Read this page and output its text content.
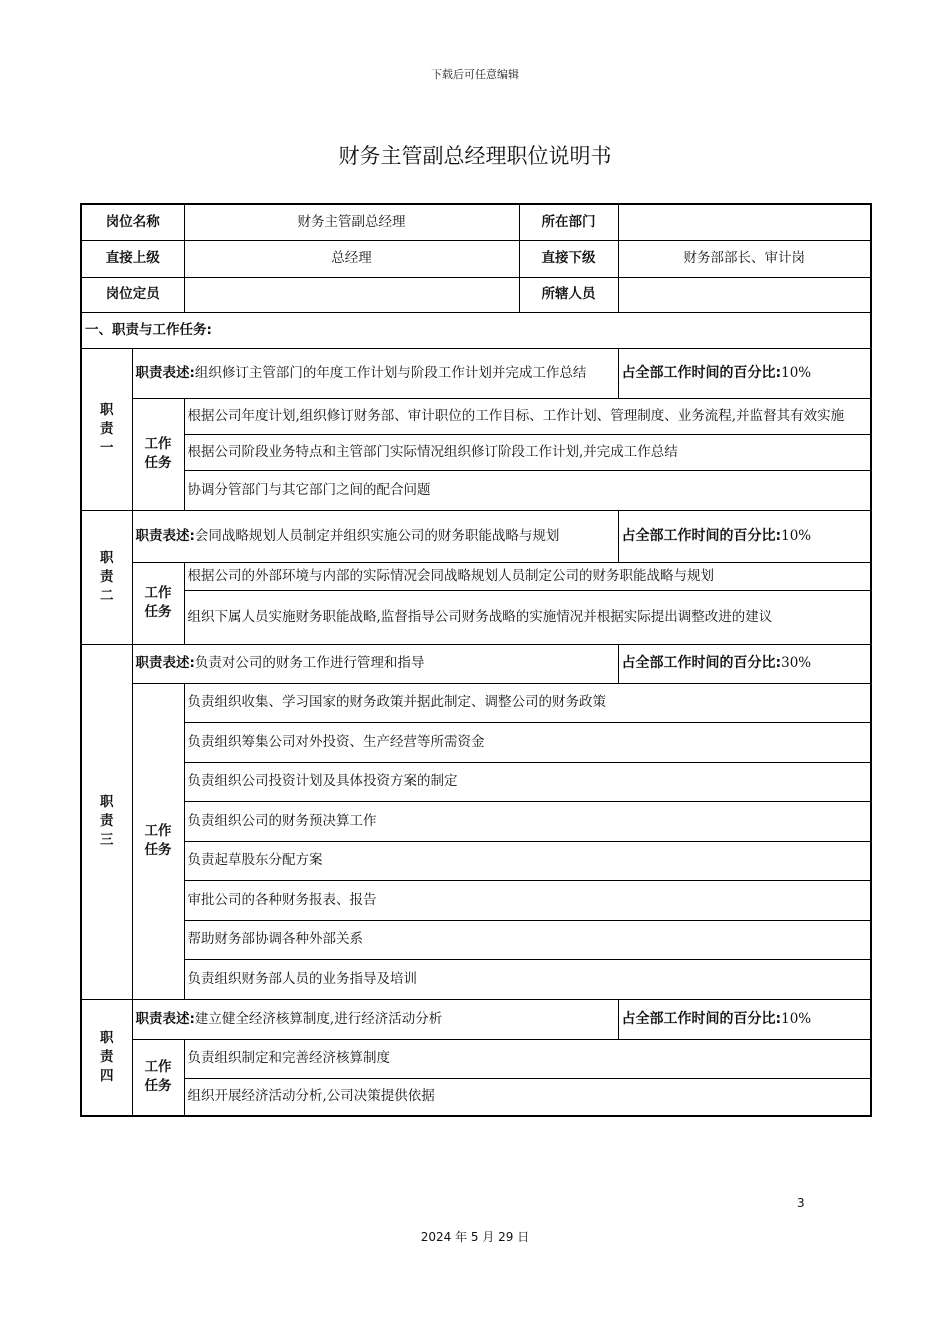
下载后可任意编辑
财务主管副总经理职位说明书
岗位名称		财务主管副总经理	所在部门	
直接上级		总经理	直接下级	财务部部长、审计岗
岗位定员			所辖人员	
一、职责与工作任务:				

职
责
一	职责表述:组织修订主管部门的年度工作计划与阶段工作计划并完成工作总结			占全部工作时间的百分比:10%

	工作
任务	根据公司年度计划,组织修订财务部、审计职位的工作目标、工作计划、管理制度、业务流程,并监督其有效实施		
		根据公司阶段业务特点和主管部门实际情况组织修订阶段工作计划,并完成工作总结		
		协调分管部门与其它部门之间的配合问题		

职
责
二	职责表述:会同战略规划人员制定并组织实施公司的财务职能战略与规划			占全部工作时间的百分比:10%

	工作
任务	根据公司的外部环境与内部的实际情况会同战略规划人员制定公司的财务职能战略与规划		
		组织下属人员实施财务职能战略,监督指导公司财务战略的实施情况并根据实际提出调整改进的建议		

职
责
三	职责表述:负责对公司的财务工作进行管理和指导			占全部工作时间的百分比:30%

	工作
任务	负责组织收集、学习国家的财务政策并据此制定、调整公司的财务政策		
		负责组织筹集公司对外投资、生产经营等所需资金		
		负责组织公司投资计划及具体投资方案的制定		
		负责组织公司的财务预决算工作		
		负责起草股东分配方案		
		审批公司的各种财务报表、报告		
		帮助财务部协调各种外部关系		
		负责组织财务部人员的业务指导及培训		

职
责
四	职责表述:建立健全经济核算制度,进行经济活动分析			占全部工作时间的百分比:10%

	工作
任务	负责组织制定和完善经济核算制度		
		组织开展经济活动分析,公司决策提供依据		
3
2024 年 5 月 29 日
